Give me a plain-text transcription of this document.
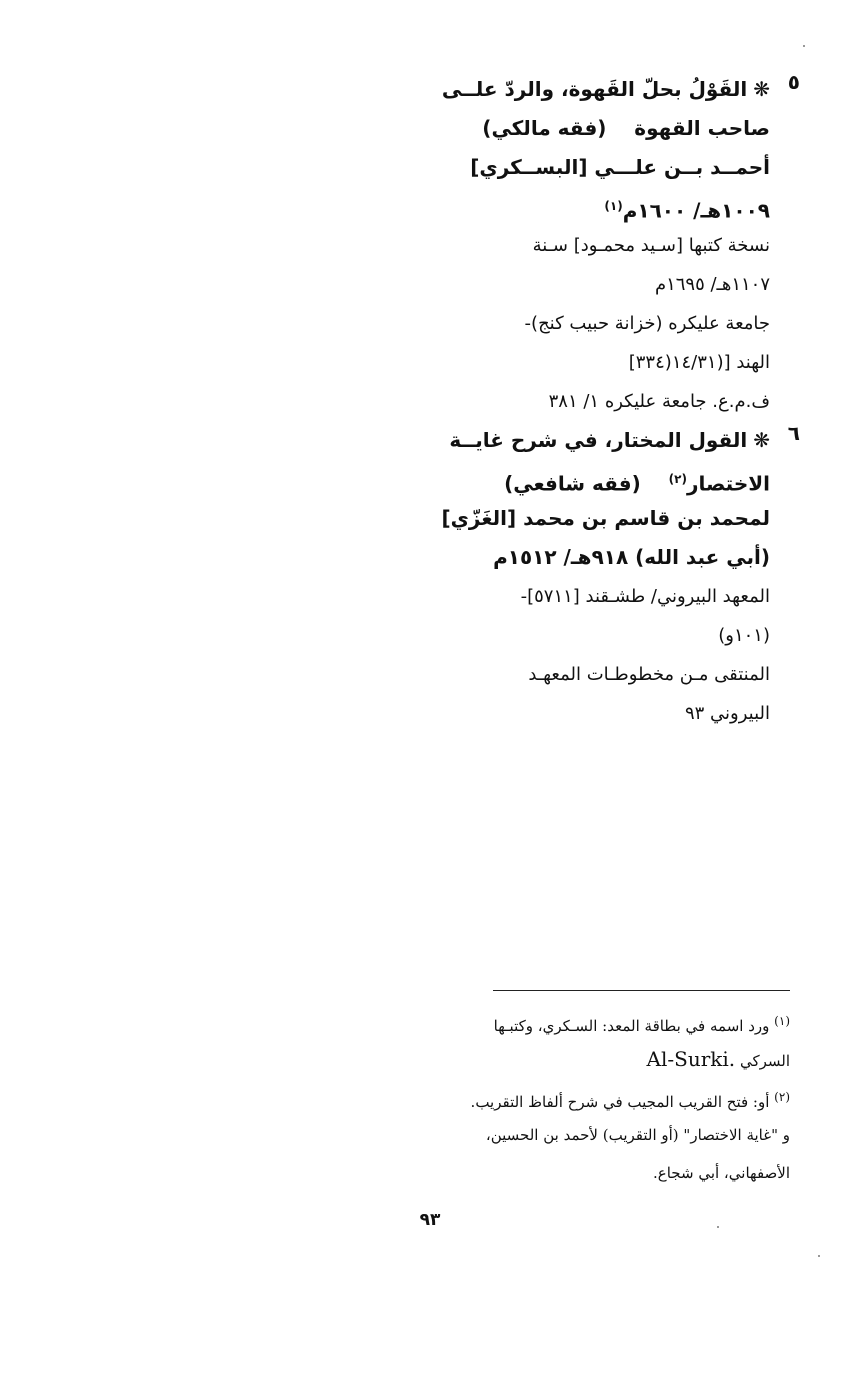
٥
❋القَوْلُ بحلّ القَهوة، والردّ علــى
صاحب القهوة    (فقه مالكي)
أحمــد بــن علـــي [البســكري]
١٠٠٩هـ/ ١٦٠٠م$^{(١)}$
نسخة كتبها [سـيد محمـود] سـنة
١١٠٧هـ/ ١٦٩٥م
جامعة عليكره (خزانة حبيب كنج)-
الهند [(١٤/٣١(٣٣٤]
ف.م.ع. جامعة عليكره ١/ ٣٨١
٦
❋القول المختار، في شرح غايــة
الاختصار$^{(٢)}$    (فقه شافعي)
لمحمد بن قاسم بن محمد [الغَزّي]
(أبي عبد الله) ٩١٨هـ/ ١٥١٢م
المعهد البيروني/ طشـقند [٥٧١١]-
(١٠١و)
المنتقى مـن مخطوطـات المعهـد
البيروني ٩٣
$^{(١)}$ ورد اسمه في بطاقة المعد: السـكري، وكتبـها
السركي Al-Surki.
$^{(٢)}$ أو: فتح القريب المجيب في شرح ألفاظ التقريب.
و "غاية الاختصار" (أو التقريب) لأحمد بن الحسين،
الأصفهاني، أبي شجاع.
٩٣
